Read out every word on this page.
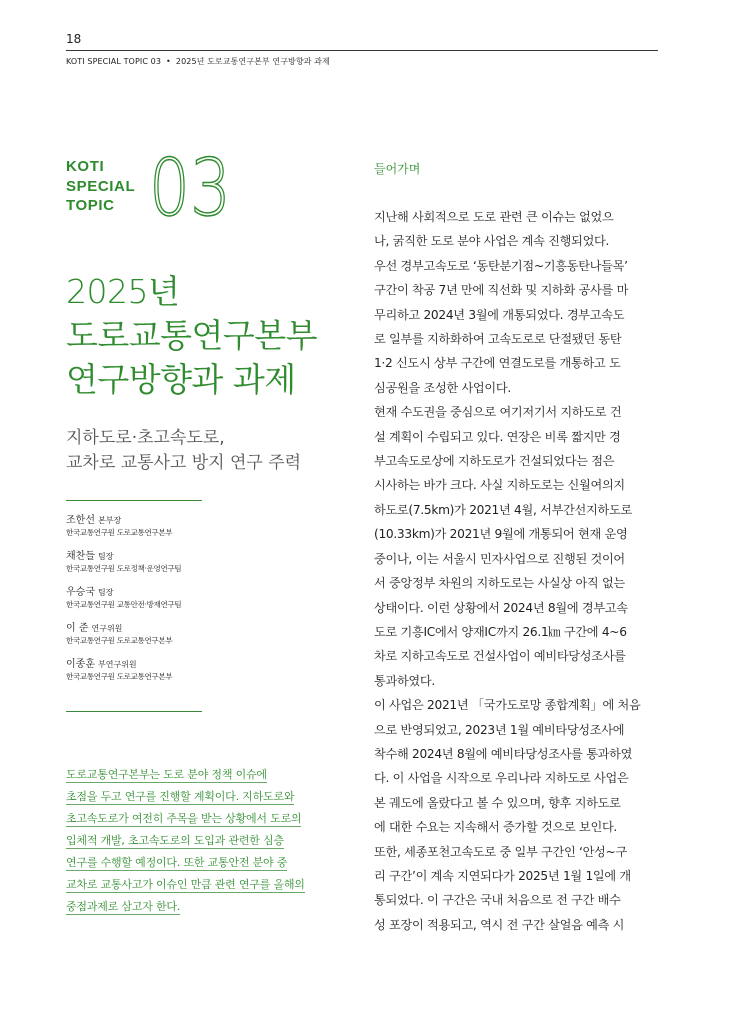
18
KOTI SPECIAL TOPIC 03 • 2025년 도로교통연구본부 연구방향과 과제
KOTI
SPECIAL
TOPIC 03
2025년
도로교통연구본부
연구방향과 과제
지하도로·초고속도로,
교차로 교통사고 방지 연구 주력
조한선 본부장
한국교통연구원 도로교통연구본부
채찬들 팀장
한국교통연구원 도로정책·운영연구팀
우승국 팀장
한국교통연구원 교통안전·방재연구팀
이 준 연구위원
한국교통연구원 도로교통연구본부
이종훈 부연구위원
한국교통연구원 도로교통연구본부
도로교통연구본부는 도로 분야 정책 이슈에
초점을 두고 연구를 진행할 계획이다. 지하도로와
초고속도로가 여전히 주목을 받는 상황에서 도로의
입체적 개발, 초고속도로의 도입과 관련한 심층
연구를 수행할 예정이다. 또한 교통안전 분야 중
교차로 교통사고가 이슈인 만큼 관련 연구를 올해의
중점과제로 삼고자 한다.
들어가며
지난해 사회적으로 도로 관련 큰 이슈는 없었으
나, 굵직한 도로 분야 사업은 계속 진행되었다.
우선 경부고속도로 ‘동탄분기점~기흥동탄나들목’
구간이 착공 7년 만에 직선화 및 지하화 공사를 마
무리하고 2024년 3월에 개통되었다. 경부고속도
로 일부를 지하화하여 고속도로로 단절됐던 동탄
1·2 신도시 상부 구간에 연결도로를 개통하고 도
심공원을 조성한 사업이다.
현재 수도권을 중심으로 여기저기서 지하도로 건
설 계획이 수립되고 있다. 연장은 비록 짧지만 경
부고속도로상에 지하도로가 건설되었다는 점은
시사하는 바가 크다. 사실 지하도로는 신월여의지
하도로(7.5km)가 2021년 4월, 서부간선지하도로
(10.33km)가 2021년 9월에 개통되어 현재 운영
중이나, 이는 서울시 민자사업으로 진행된 것이어
서 중앙정부 차원의 지하도로는 사실상 아직 없는
상태이다. 이런 상황에서 2024년 8월에 경부고속
도로 기흥IC에서 양재IC까지 26.1㎞ 구간에 4~6
차로 지하고속도로 건설사업이 예비타당성조사를
통과하였다.
이 사업은 2021년 「국가도로망 종합계획」에 처음
으로 반영되었고, 2023년 1월 예비타당성조사에
착수해 2024년 8월에 예비타당성조사를 통과하였
다. 이 사업을 시작으로 우리나라 지하도로 사업은
본 궤도에 올랐다고 볼 수 있으며, 향후 지하도로
에 대한 수요는 지속해서 증가할 것으로 보인다.
또한, 세종포천고속도로 중 일부 구간인 ‘안성~구
리 구간’이 계속 지연되다가 2025년 1월 1일에 개
통되었다. 이 구간은 국내 처음으로 전 구간 배수
성 포장이 적용되고, 역시 전 구간 살얼음 예측 시
